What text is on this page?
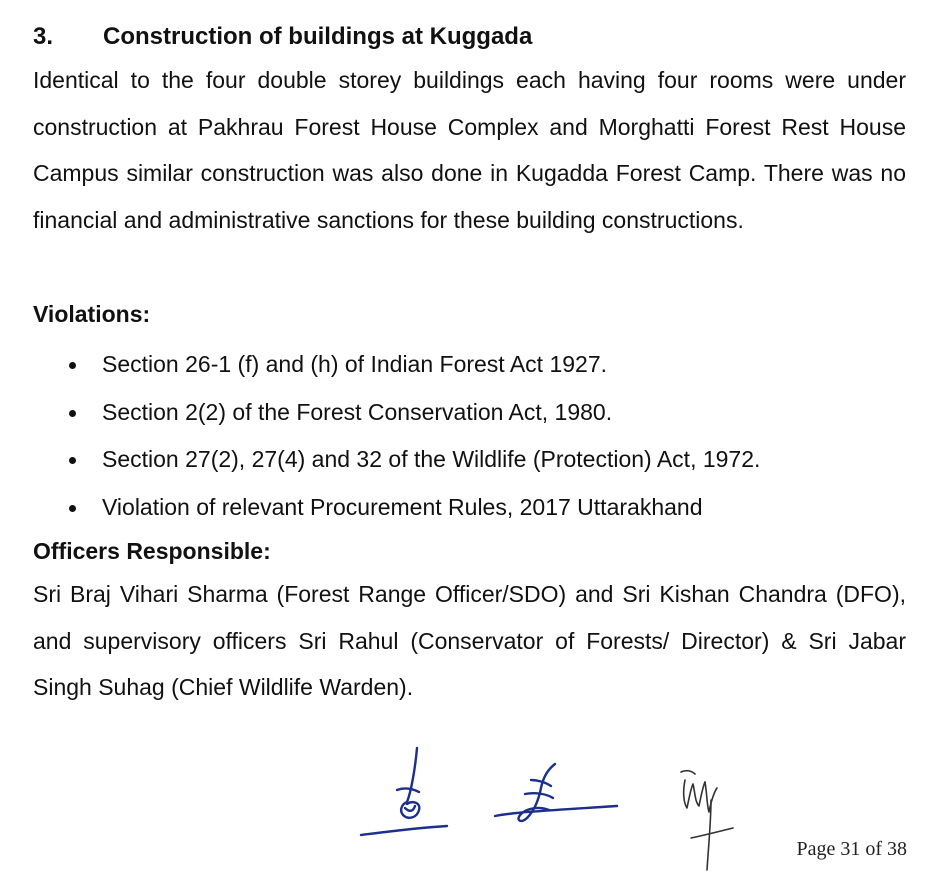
3. Construction of buildings at Kuggada
Identical to the four double storey buildings each having four rooms were under construction at Pakhrau Forest House Complex and Morghatti Forest Rest House Campus similar construction was also done in Kugadda Forest Camp. There was no financial and administrative sanctions for these building constructions.
Violations:
Section 26-1 (f) and (h) of Indian Forest Act 1927.
Section 2(2) of the Forest Conservation Act, 1980.
Section 27(2), 27(4) and 32 of the Wildlife (Protection) Act, 1972.
Violation of relevant Procurement Rules, 2017 Uttarakhand
Officers Responsible:
Sri Braj Vihari Sharma (Forest Range Officer/SDO) and Sri Kishan Chandra (DFO), and supervisory officers Sri Rahul (Conservator of Forests/ Director) & Sri Jabar Singh Suhag (Chief Wildlife Warden).
Page 31 of 38
